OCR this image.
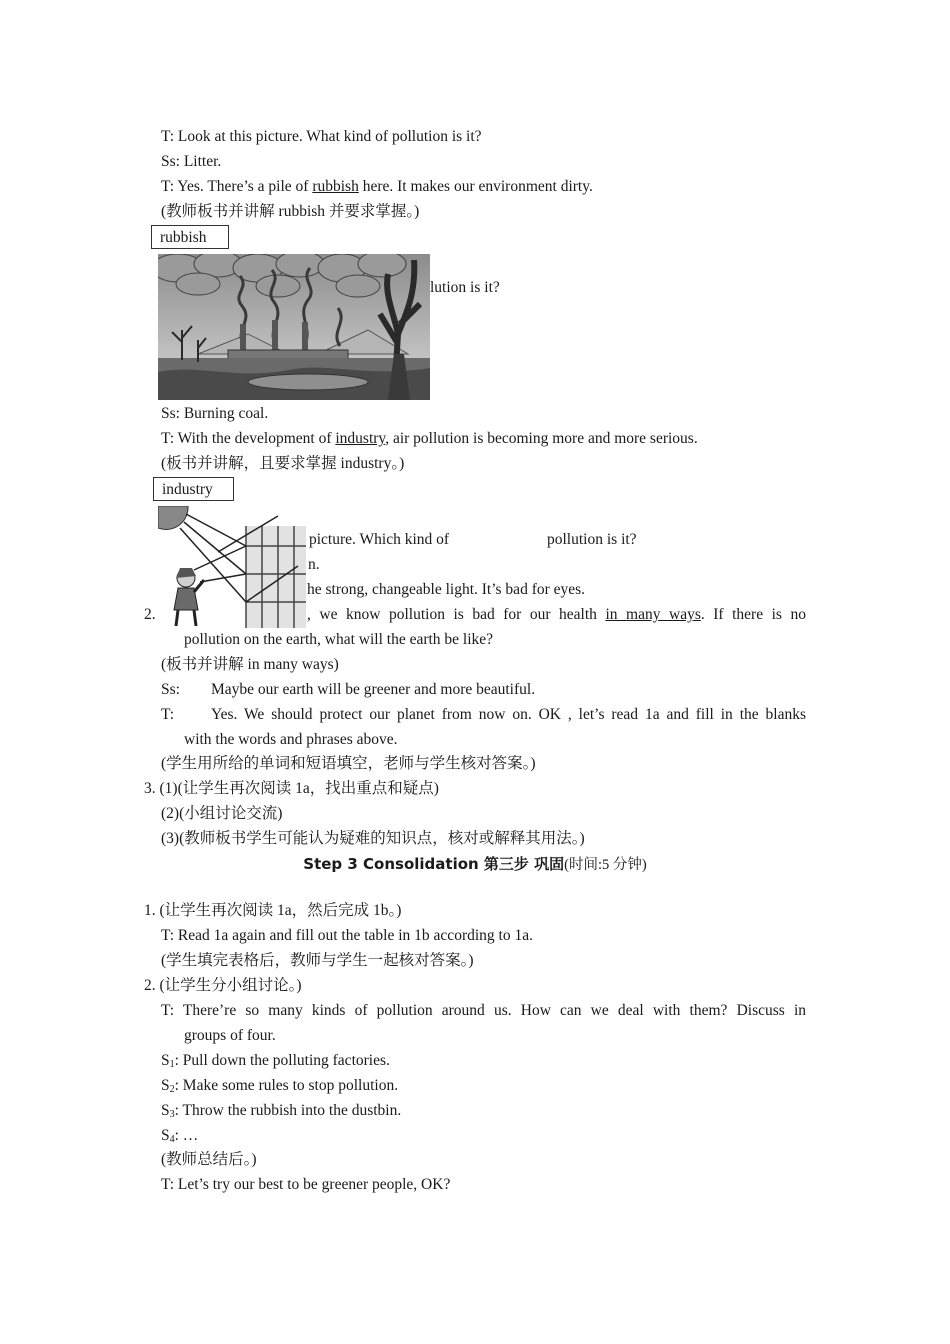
T: Look at this picture. What kind of pollution is it?
Ss: Litter.
T: Yes. There’s a pile of rubbish here. It makes our environment dirty.
(教师板书并讲解 rubbish 并要求掌握。)
rubbish
lution is it?
Ss: Burning coal.
T: With the development of industry, air pollution is becoming more and more serious.
(板书并讲解，且要求掌握 industry。)
industry
picture. Which kind of	pollution is it?
n.
he strong, changeable light. It’s bad for eyes.
2.	, we know pollution is bad for our health in many ways. If there is no
pollution on the earth, what will the earth be like?
(板书并讲解 in many ways)
Ss: Maybe our earth will be greener and more beautiful.
T: Yes. We should protect our planet from now on. OK , let’s read 1a and fill in the blanks
with the words and phrases above.
(学生用所给的单词和短语填空，老师与学生核对答案。)
3. (1)(让学生再次阅读 1a，找出重点和疑点)
(2)(小组讨论交流)
(3)(教师板书学生可能认为疑难的知识点，核对或解释其用法。)
Step 3 Consolidation 第三步 巩固(时间:5 分钟)
1. (让学生再次阅读 1a，然后完成 1b。)
T: Read 1a again and fill out the table in 1b according to 1a.
(学生填完表格后，教师与学生一起核对答案。)
2. (让学生分小组讨论。)
T: There’re so many kinds of pollution around us. How can we deal with them? Discuss in
groups of four.
$S_1$: Pull down the polluting factories.
$S_2$: Make some rules to stop pollution.
$S_3$: Throw the rubbish into the dustbin.
$S_4$: …
(教师总结后。)
T: Let’s try our best to be greener people, OK?
